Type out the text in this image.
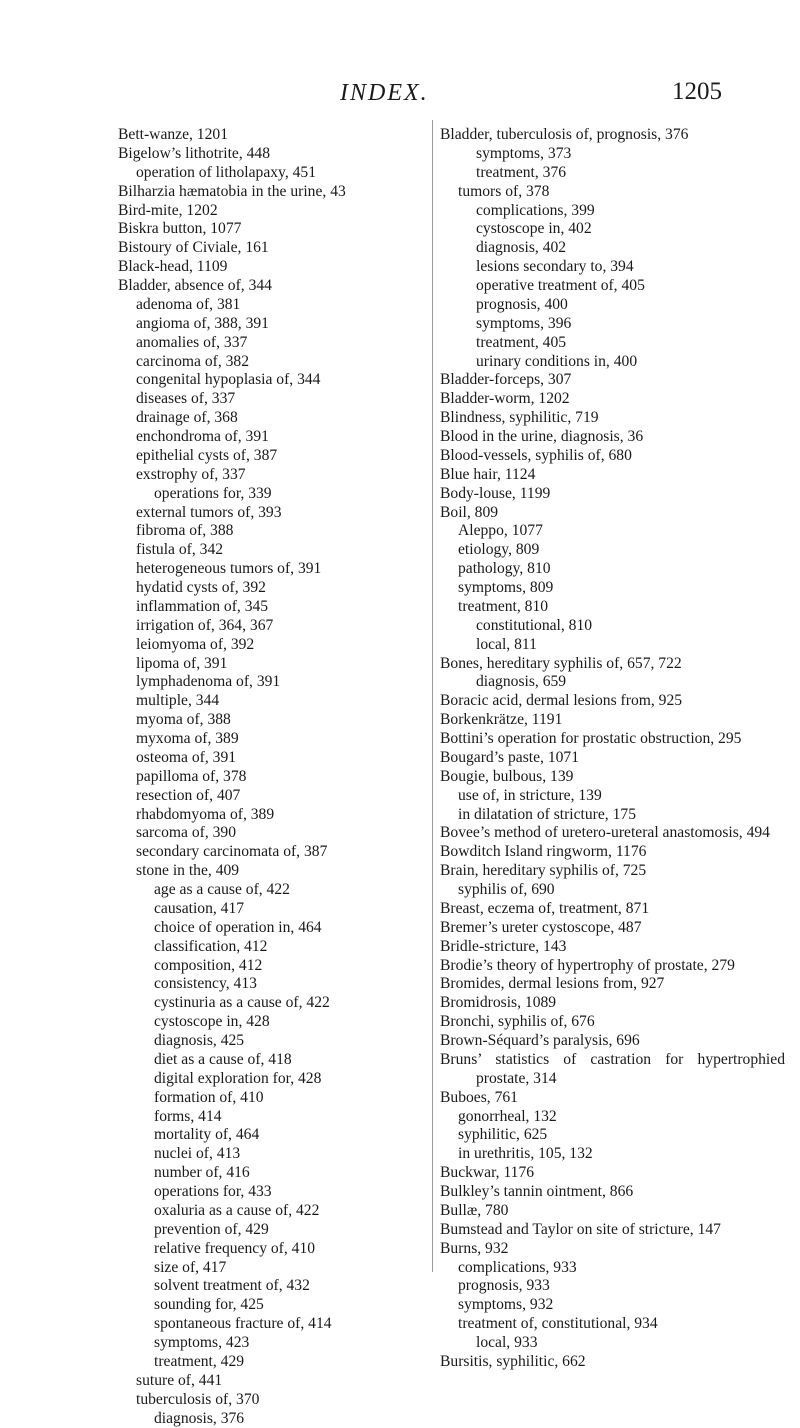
INDEX.	1205
Bett-wanze, 1201
Bigelow’s lithotrite, 448
operation of litholapaxy, 451
Bilharzia hæmatobia in the urine, 43
Bird-mite, 1202
Biskra button, 1077
Bistoury of Civiale, 161
Black-head, 1109
Bladder, absence of, 344
adenoma of, 381
angioma of, 388, 391
anomalies of, 337
carcinoma of, 382
congenital hypoplasia of, 344
diseases of, 337
drainage of, 368
enchondroma of, 391
epithelial cysts of, 387
exstrophy of, 337
operations for, 339
external tumors of, 393
fibroma of, 388
fistula of, 342
heterogeneous tumors of, 391
hydatid cysts of, 392
inflammation of, 345
irrigation of, 364, 367
leiomyoma of, 392
lipoma of, 391
lymphadenoma of, 391
multiple, 344
myoma of, 388
myxoma of, 389
osteoma of, 391
papilloma of, 378
resection of, 407
rhabdomyoma of, 389
sarcoma of, 390
secondary carcinomata of, 387
stone in the, 409
age as a cause of, 422
causation, 417
choice of operation in, 464
classification, 412
composition, 412
consistency, 413
cystinuria as a cause of, 422
cystoscope in, 428
diagnosis, 425
diet as a cause of, 418
digital exploration for, 428
formation of, 410
forms, 414
mortality of, 464
nuclei of, 413
number of, 416
operations for, 433
oxaluria as a cause of, 422
prevention of, 429
relative frequency of, 410
size of, 417
solvent treatment of, 432
sounding for, 425
spontaneous fracture of, 414
symptoms, 423
treatment, 429
suture of, 441
tuberculosis of, 370
diagnosis, 376
Bladder, tuberculosis of, prognosis, 376
symptoms, 373
treatment, 376
tumors of, 378
complications, 399
cystoscope in, 402
diagnosis, 402
lesions secondary to, 394
operative treatment of, 405
prognosis, 400
symptoms, 396
treatment, 405
urinary conditions in, 400
Bladder-forceps, 307
Bladder-worm, 1202
Blindness, syphilitic, 719
Blood in the urine, diagnosis, 36
Blood-vessels, syphilis of, 680
Blue hair, 1124
Body-louse, 1199
Boil, 809
Aleppo, 1077
etiology, 809
pathology, 810
symptoms, 809
treatment, 810
constitutional, 810
local, 811
Bones, hereditary syphilis of, 657, 722
diagnosis, 659
Boracic acid, dermal lesions from, 925
Borkenkrätze, 1191
Bottini’s operation for prostatic obstruction, 295
Bougard’s paste, 1071
Bougie, bulbous, 139
use of, in stricture, 139
in dilatation of stricture, 175
Bovee’s method of uretero-ureteral anastomosis, 494
Bowditch Island ringworm, 1176
Brain, hereditary syphilis of, 725
syphilis of, 690
Breast, eczema of, treatment, 871
Bremer’s ureter cystoscope, 487
Bridle-stricture, 143
Brodie’s theory of hypertrophy of prostate, 279
Bromides, dermal lesions from, 927
Bromidrosis, 1089
Bronchi, syphilis of, 676
Brown-Séquard’s paralysis, 696
Bruns’ statistics of castration for hypertrophied prostate, 314
Buboes, 761
gonorrheal, 132
syphilitic, 625
in urethritis, 105, 132
Buckwar, 1176
Bulkley’s tannin ointment, 866
Bullæ, 780
Bumstead and Taylor on site of stricture, 147
Burns, 932
complications, 933
prognosis, 933
symptoms, 932
treatment of, constitutional, 934
local, 933
Bursitis, syphilitic, 662
